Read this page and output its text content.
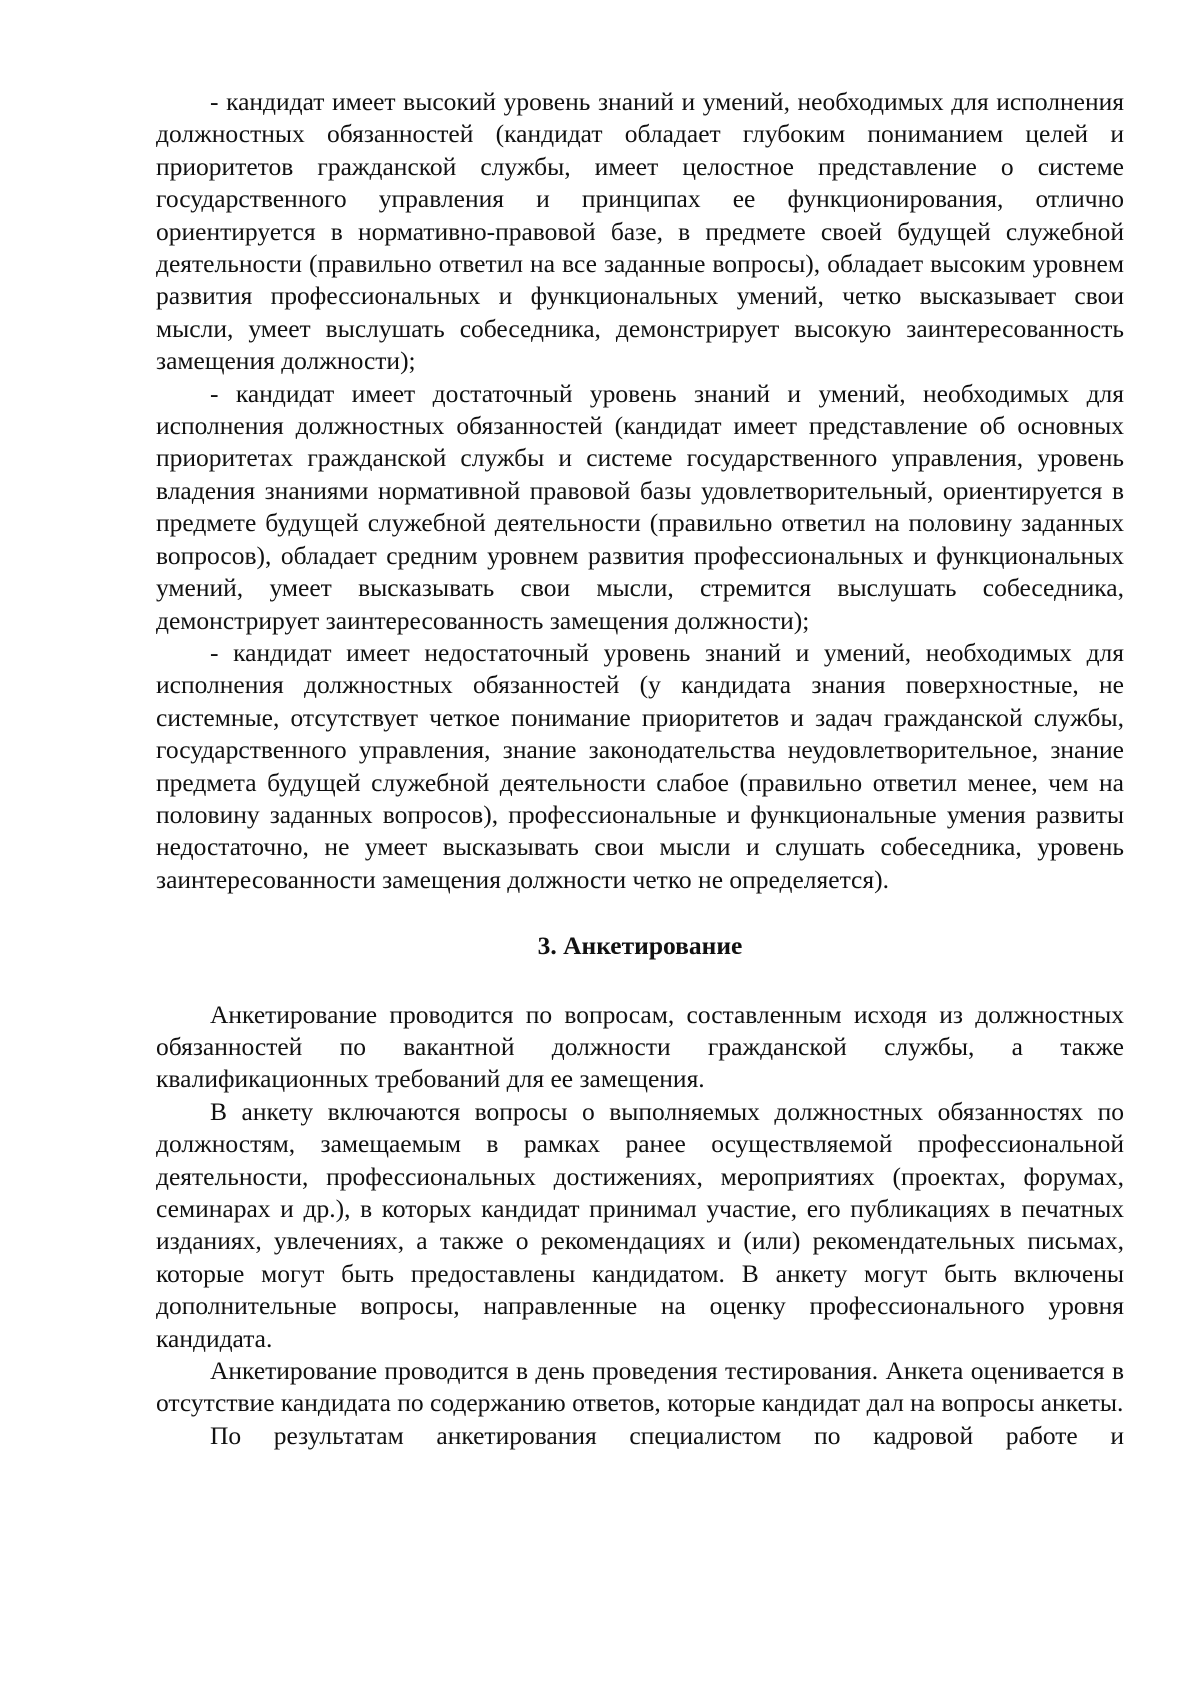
- кандидат имеет высокий уровень знаний и умений, необходимых для исполнения должностных обязанностей (кандидат обладает глубоким пониманием целей и приоритетов гражданской службы, имеет целостное представление о системе государственного управления и принципах ее функционирования, отлично ориентируется в нормативно-правовой базе, в предмете своей будущей служебной деятельности (правильно ответил на все заданные вопросы), обладает высоким уровнем развития профессиональных и функциональных умений, четко высказывает свои мысли, умеет выслушать собеседника, демонстрирует высокую заинтересованность замещения должности);

- кандидат имеет достаточный уровень знаний и умений, необходимых для исполнения должностных обязанностей (кандидат имеет представление об основных приоритетах гражданской службы и системе государственного управления, уровень владения знаниями нормативной правовой базы удовлетворительный, ориентируется в предмете будущей служебной деятельности (правильно ответил на половину заданных вопросов), обладает средним уровнем развития профессиональных и функциональных умений, умеет высказывать свои мысли, стремится выслушать собеседника, демонстрирует заинтересованность замещения должности);

- кандидат имеет недостаточный уровень знаний и умений, необходимых для исполнения должностных обязанностей (у кандидата знания поверхностные, не системные, отсутствует четкое понимание приоритетов и задач гражданской службы, государственного управления, знание законодательства неудовлетворительное, знание предмета будущей служебной деятельности слабое (правильно ответил менее, чем на половину заданных вопросов), профессиональные и функциональные умения развиты недостаточно, не умеет высказывать свои мысли и слушать собеседника, уровень заинтересованности замещения должности четко не определяется).

3. Анкетирование

Анкетирование проводится по вопросам, составленным исходя из должностных обязанностей по вакантной должности гражданской службы, а также квалификационных требований для ее замещения.

В анкету включаются вопросы о выполняемых должностных обязанностях по должностям, замещаемым в рамках ранее осуществляемой профессиональной деятельности, профессиональных достижениях, мероприятиях (проектах, форумах, семинарах и др.), в которых кандидат принимал участие, его публикациях в печатных изданиях, увлечениях, а также о рекомендациях и (или) рекомендательных письмах, которые могут быть предоставлены кандидатом. В анкету могут быть включены дополнительные вопросы, направленные на оценку профессионального уровня кандидата.

Анкетирование проводится в день проведения тестирования. Анкета оценивается в отсутствие кандидата по содержанию ответов, которые кандидат дал на вопросы анкеты.

По результатам анкетирования специалистом по кадровой работе и
